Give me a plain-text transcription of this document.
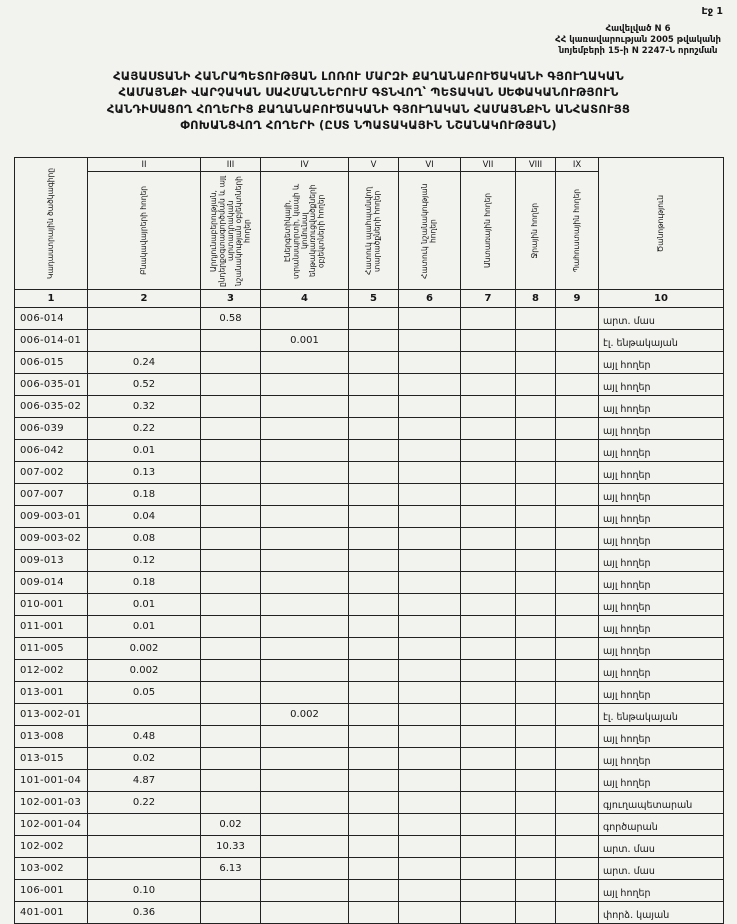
Էջ 1
Հավելված N 6
ՀՀ կառավարության 2005 թվականի
նոյեմբերի 15-ի N 2247-Ն որոշման
ՀԱՅԱՍՏԱՆԻ ՀԱՆՐԱՊԵՏՈՒԹՅԱՆ ԼՈՌՈՒ ՄԱՐԶԻ ՔԱՂԱՆԱԲՈՒԾԱԿԱՆԻ ԳՅՈՒՂԱԿԱՆ
ՀԱՄԱՅՆՔԻ ՎԱՐՉԱԿԱՆ ՍԱՀՄԱՆՆԵՐՈՒՄ ԳՏՆՎՈՂ՝ ՊԵՏԱԿԱՆ ՍԵՓԱԿԱՆՈՒԹՅՈՒՆ
ՀԱՆԴԻՍԱՑՈՂ ՀՈՂԵՐԻՑ ՔԱՂԱՆԱԲՈՒԾԱԿԱՆԻ ԳՅՈՒՂԱԿԱՆ ՀԱՄԱՅՆՔԻՆ ԱՆՀԱՏՈՒՅՑ
ՓՈԽԱՆՑՎՈՂ ՀՈՂԵՐԻ (ԸՍՏ ՆՊԱՏԱԿԱՅԻՆ ՆՇԱՆԱԿՈՒԹՅԱՆ)
Կադաստրային ծածկագիրը	II	III	IV	V	VI	VII	VIII	IX	Ծանոթություն

	Բնակավայրերի հողեր	Արդյունաբերության, ընդերքօգտագործման և այլ արտադրական նշանակության օբյեկտների հողեր	Էներգետիկայի, տրանսպորտի, կապի և կոմունալ ենթակառուցվածքների օբյեկտների հողեր	Հատուկ պահպանվող տարածքների հողեր	Հատուկ նշանակության հողեր	Անտառային հողեր	Ջրային հողեր	Պահուստային հողեր	

1	2	3	4	5	6	7	8	9	10
006-014		0.58							արտ. մաս
006-014-01			0.001						էլ. ենթակայան
006-015	0.24								այլ հողեր
006-035-01	0.52								այլ հողեր
006-035-02	0.32								այլ հողեր
006-039	0.22								այլ հողեր
006-042	0.01								այլ հողեր
007-002	0.13								այլ հողեր
007-007	0.18								այլ հողեր
009-003-01	0.04								այլ հողեր
009-003-02	0.08								այլ հողեր
009-013	0.12								այլ հողեր
009-014	0.18								այլ հողեր
010-001	0.01								այլ հողեր
011-001	0.01								այլ հողեր
011-005	0.002								այլ հողեր
012-002	0.002								այլ հողեր
013-001	0.05								այլ հողեր
013-002-01			0.002						էլ. ենթակայան
013-008	0.48								այլ հողեր
013-015	0.02								այլ հողեր
101-001-04	4.87								այլ հողեր
102-001-03	0.22								գյուղապետարան
102-001-04		0.02							գործարան
102-002		10.33							արտ. մաս
103-002		6.13							արտ. մաս
106-001	0.10								այլ հողեր
401-001	0.36								փորձ. կայան
